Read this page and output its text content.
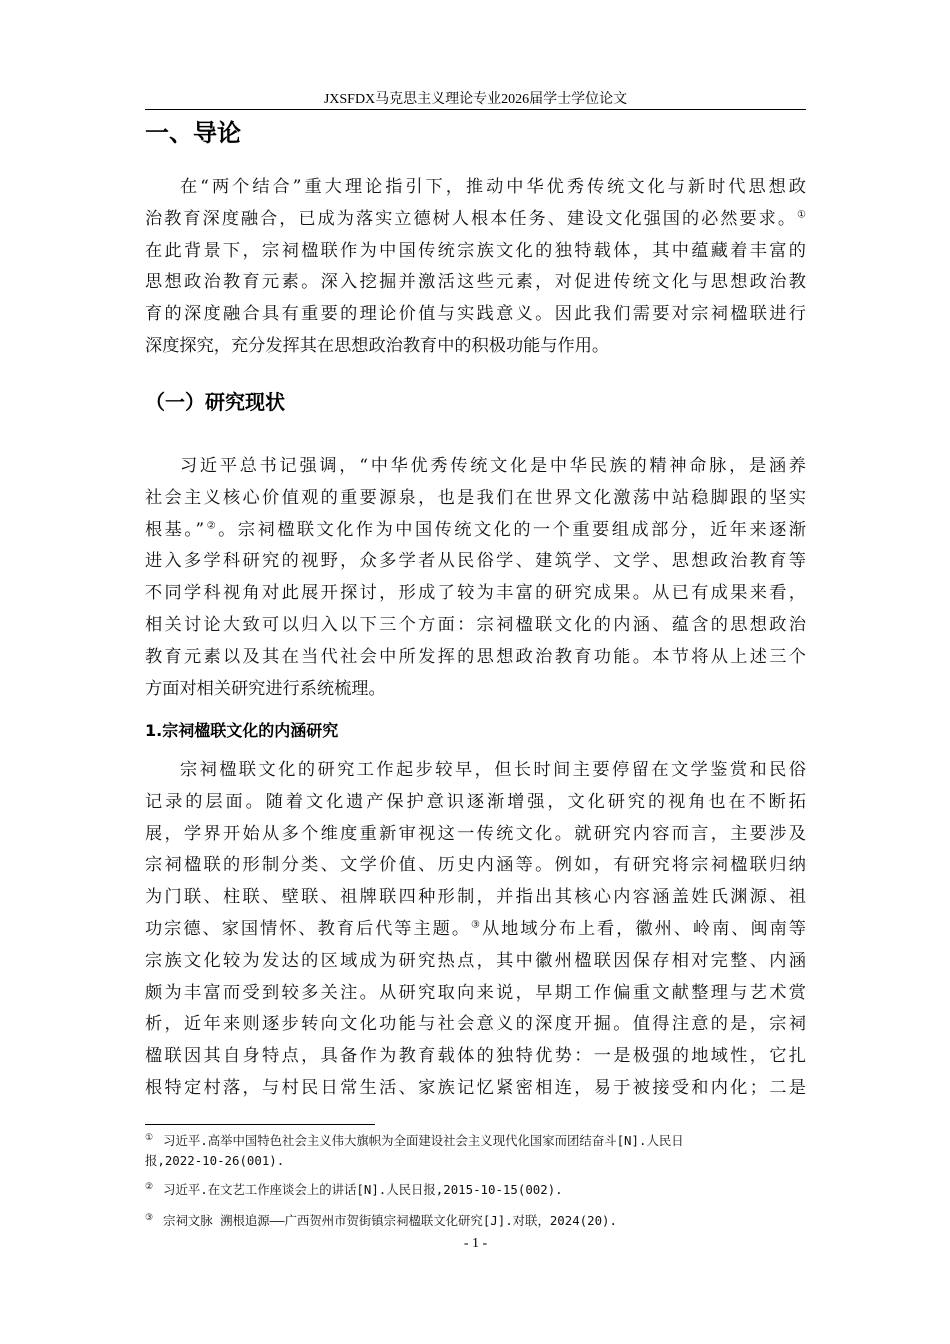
JXSFDX马克思主义理论专业2026届学士学位论文
一、导论
在“两个结合”重大理论指引下，推动中华优秀传统文化与新时代思想政
治教育深度融合，已成为落实立德树人根本任务、建设文化强国的必然要求。①
在此背景下，宗祠楹联作为中国传统宗族文化的独特载体，其中蕴藏着丰富的
思想政治教育元素。深入挖掘并激活这些元素，对促进传统文化与思想政治教
育的深度融合具有重要的理论价值与实践意义。因此我们需要对宗祠楹联进行
深度探究，充分发挥其在思想政治教育中的积极功能与作用。
（一）研究现状
习近平总书记强调，“中华优秀传统文化是中华民族的精神命脉，是涵养
社会主义核心价值观的重要源泉，也是我们在世界文化激荡中站稳脚跟的坚实
根基。”②。宗祠楹联文化作为中国传统文化的一个重要组成部分，近年来逐渐
进入多学科研究的视野，众多学者从民俗学、建筑学、文学、思想政治教育等
不同学科视角对此展开探讨，形成了较为丰富的研究成果。从已有成果来看，
相关讨论大致可以归入以下三个方面：宗祠楹联文化的内涵、蕴含的思想政治
教育元素以及其在当代社会中所发挥的思想政治教育功能。本节将从上述三个
方面对相关研究进行系统梳理。
1.宗祠楹联文化的内涵研究
宗祠楹联文化的研究工作起步较早，但长时间主要停留在文学鉴赏和民俗
记录的层面。随着文化遗产保护意识逐渐增强，文化研究的视角也在不断拓
展，学界开始从多个维度重新审视这一传统文化。就研究内容而言，主要涉及
宗祠楹联的形制分类、文学价值、历史内涵等。例如，有研究将宗祠楹联归纳
为门联、柱联、壁联、祖牌联四种形制，并指出其核心内容涵盖姓氏渊源、祖
功宗德、家国情怀、教育后代等主题。③从地域分布上看，徽州、岭南、闽南等
宗族文化较为发达的区域成为研究热点，其中徽州楹联因保存相对完整、内涵
颇为丰富而受到较多关注。从研究取向来说，早期工作偏重文献整理与艺术赏
析，近年来则逐步转向文化功能与社会意义的深度开掘。值得注意的是，宗祠
楹联因其自身特点，具备作为教育载体的独特优势：一是极强的地域性，它扎
根特定村落，与村民日常生活、家族记忆紧密相连，易于被接受和内化；二是
① 习近平.高举中国特色社会主义伟大旗帜为全面建设社会主义现代化国家而团结奋斗[N].人民日
报,2022-10-26(001).
② 习近平.在文艺工作座谈会上的讲话[N].人民日报,2015-10-15(002).
③ 宗祠文脉 溯根追源——广西贺州市贺街镇宗祠楹联文化研究[J].对联，2024(20).
- 1 -
